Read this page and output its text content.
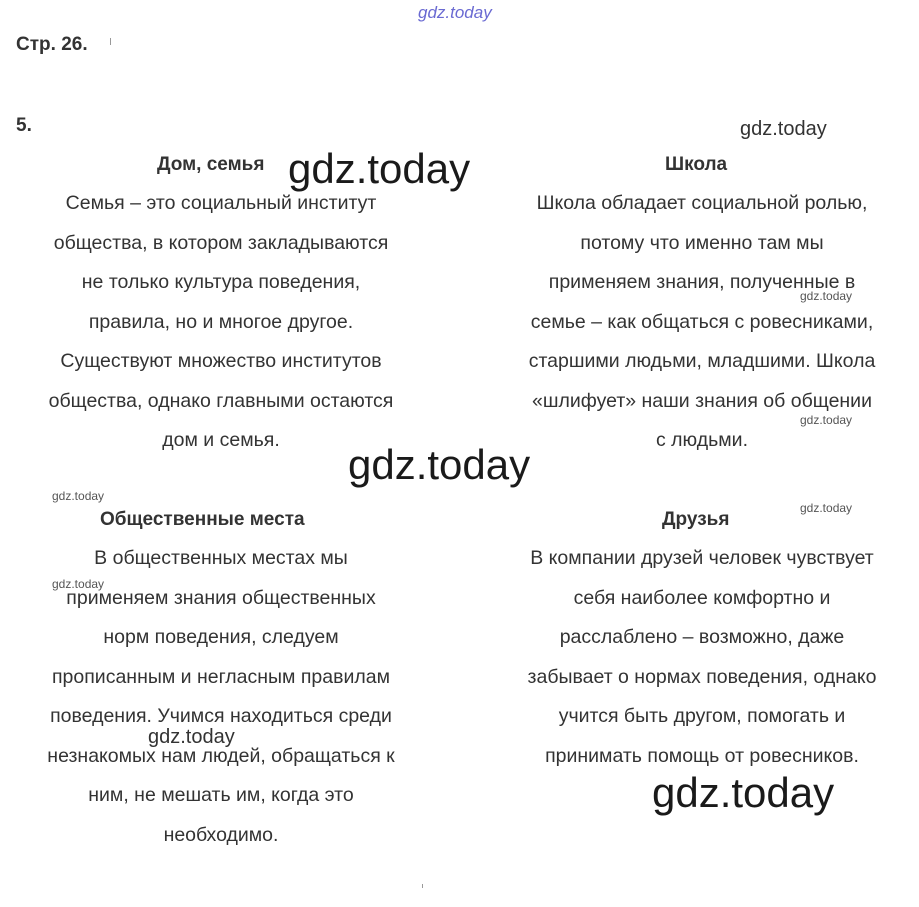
Стр. 26.
5.
Дом, семья
Семья – это социальный институт
общества, в котором закладываются
не только культура поведения,
правила, но и многое другое.
Существуют множество институтов
общества, однако главными остаются
дом и семья.
Школа
Школа обладает социальной ролью,
потому что именно там мы
применяем знания, полученные в
семье – как общаться с ровесниками,
старшими людьми, младшими. Школа
«шлифует» наши знания об общении
с людьми.
Общественные места
В общественных местах мы
применяем знания общественных
норм поведения, следуем
прописанным и негласным правилам
поведения. Учимся находиться среди
незнакомых нам людей, обращаться к
ним, не мешать им, когда это
необходимо.
Друзья
В компании друзей человек чувствует
себя наиболее комфортно и
расслаблено – возможно, даже
забывает о нормах поведения, однако
учится быть другом, помогать и
принимать помощь от ровесников.
gdz.today
gdz.today
gdz.today
gdz.today
gdz.today
gdz.today
gdz.today
gdz.today
gdz.today
gdz.today
gdz.today
